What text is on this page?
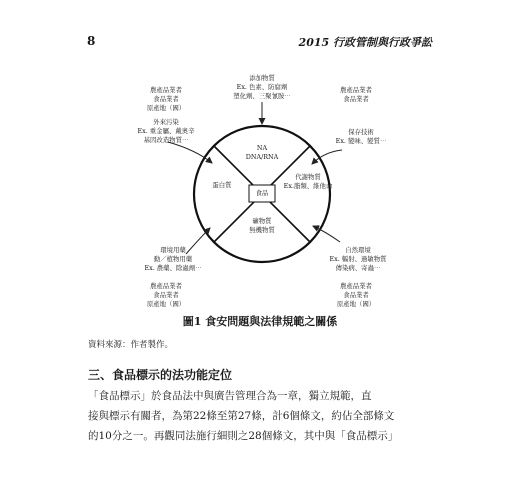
8	2015 行政管制與行政爭訟
農產品業者
食品業者
原產地（國）
農產品業者
食品業者
農產品業者
食品業者
原產地（國）
農產品業者
食品業者
原產地（國）
添加物質
Ex. 色素、防腐劑
塑化劑、三聚氰胺⋯
外來污染
Ex. 重金屬、戴奧辛
基因改造物質⋯
保存技術
Ex. 變味、變質⋯
環境用藥
動／植物用藥
Ex. 農藥、除蟲劑⋯
自然環境
Ex. 輻射、過敏物質
傳染病、寄蟲⋯
NA
DNA/RNA
蛋白質
代謝物質
Ex.脂類、維他命
礦物質
無機物質
食品
圖1 食安問題與法律規範之關係
資料來源：作者製作。
三、食品標示的法功能定位
「食品標示」於食品法中與廣告管理合為一章，獨立規範，直
接與標示有關者，為第22條至第27條，計6個條文，約佔全部條文
的10分之一。再觀同法施行細則之28個條文，其中與「食品標示」
